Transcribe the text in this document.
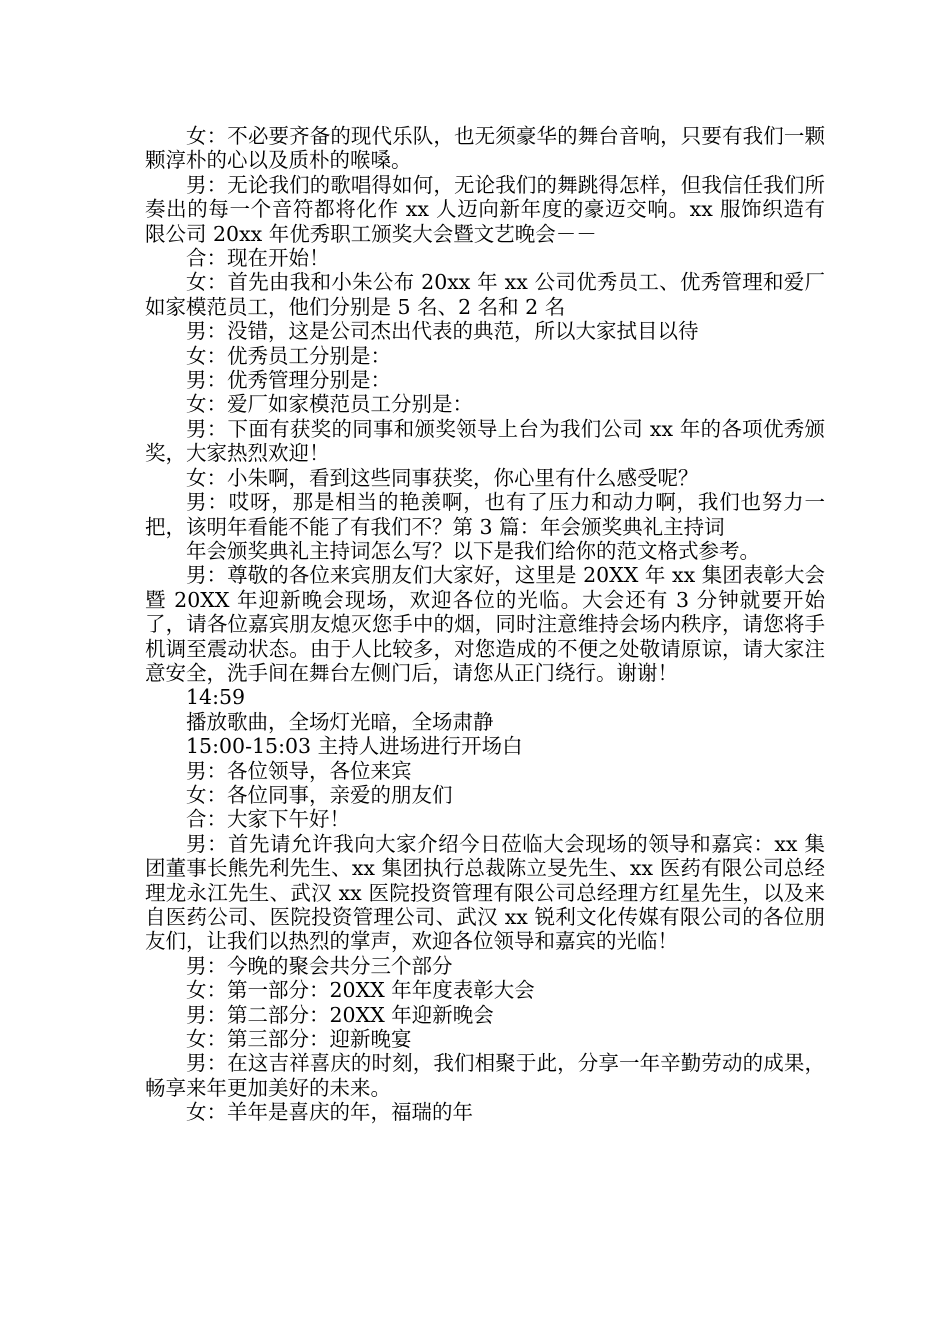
女：不必要齐备的现代乐队，也无须豪华的舞台音响，只要有我们一颗颗淳朴的心以及质朴的喉嗓。

男：无论我们的歌唱得如何，无论我们的舞跳得怎样，但我信任我们所奏出的每一个音符都将化作 xx 人迈向新年度的豪迈交响。xx 服饰织造有限公司 20xx 年优秀职工颁奖大会暨文艺晚会－－

合：现在开始！

女：首先由我和小朱公布 20xx 年 xx 公司优秀员工、优秀管理和爱厂如家模范员工，他们分别是 5 名、2 名和 2 名

男：没错，这是公司杰出代表的典范，所以大家拭目以待

女：优秀员工分别是：

男：优秀管理分别是：

女：爱厂如家模范员工分别是：

男：下面有获奖的同事和颁奖领导上台为我们公司 xx 年的各项优秀颁奖，大家热烈欢迎！

女：小朱啊，看到这些同事获奖，你心里有什么感受呢？

男：哎呀，那是相当的艳羡啊，也有了压力和动力啊，我们也努力一把，该明年看能不能了有我们不？第 3 篇：年会颁奖典礼主持词

年会颁奖典礼主持词怎么写？以下是我们给你的范文格式参考。

男：尊敬的各位来宾朋友们大家好，这里是 20XX 年 xx 集团表彰大会暨 20XX 年迎新晚会现场，欢迎各位的光临。大会还有 3 分钟就要开始了，请各位嘉宾朋友熄灭您手中的烟，同时注意维持会场内秩序，请您将手机调至震动状态。由于人比较多，对您造成的不便之处敬请原谅，请大家注意安全，洗手间在舞台左侧门后，请您从正门绕行。谢谢！

14:59

播放歌曲，全场灯光暗，全场肃静

15:00-15:03 主持人进场进行开场白

男：各位领导，各位来宾

女：各位同事，亲爱的朋友们

合：大家下午好！

男：首先请允许我向大家介绍今日莅临大会现场的领导和嘉宾：xx 集团董事长熊先利先生、xx 集团执行总裁陈立旻先生、xx 医药有限公司总经理龙永江先生、武汉 xx 医院投资管理有限公司总经理方红星先生，以及来自医药公司、医院投资管理公司、武汉 xx 锐利文化传媒有限公司的各位朋友们，让我们以热烈的掌声，欢迎各位领导和嘉宾的光临！

男：今晚的聚会共分三个部分

女：第一部分：20XX 年年度表彰大会

男：第二部分：20XX 年迎新晚会

女：第三部分：迎新晚宴

男：在这吉祥喜庆的时刻，我们相聚于此，分享一年辛勤劳动的成果，畅享来年更加美好的未来。

女：羊年是喜庆的年，福瑞的年
